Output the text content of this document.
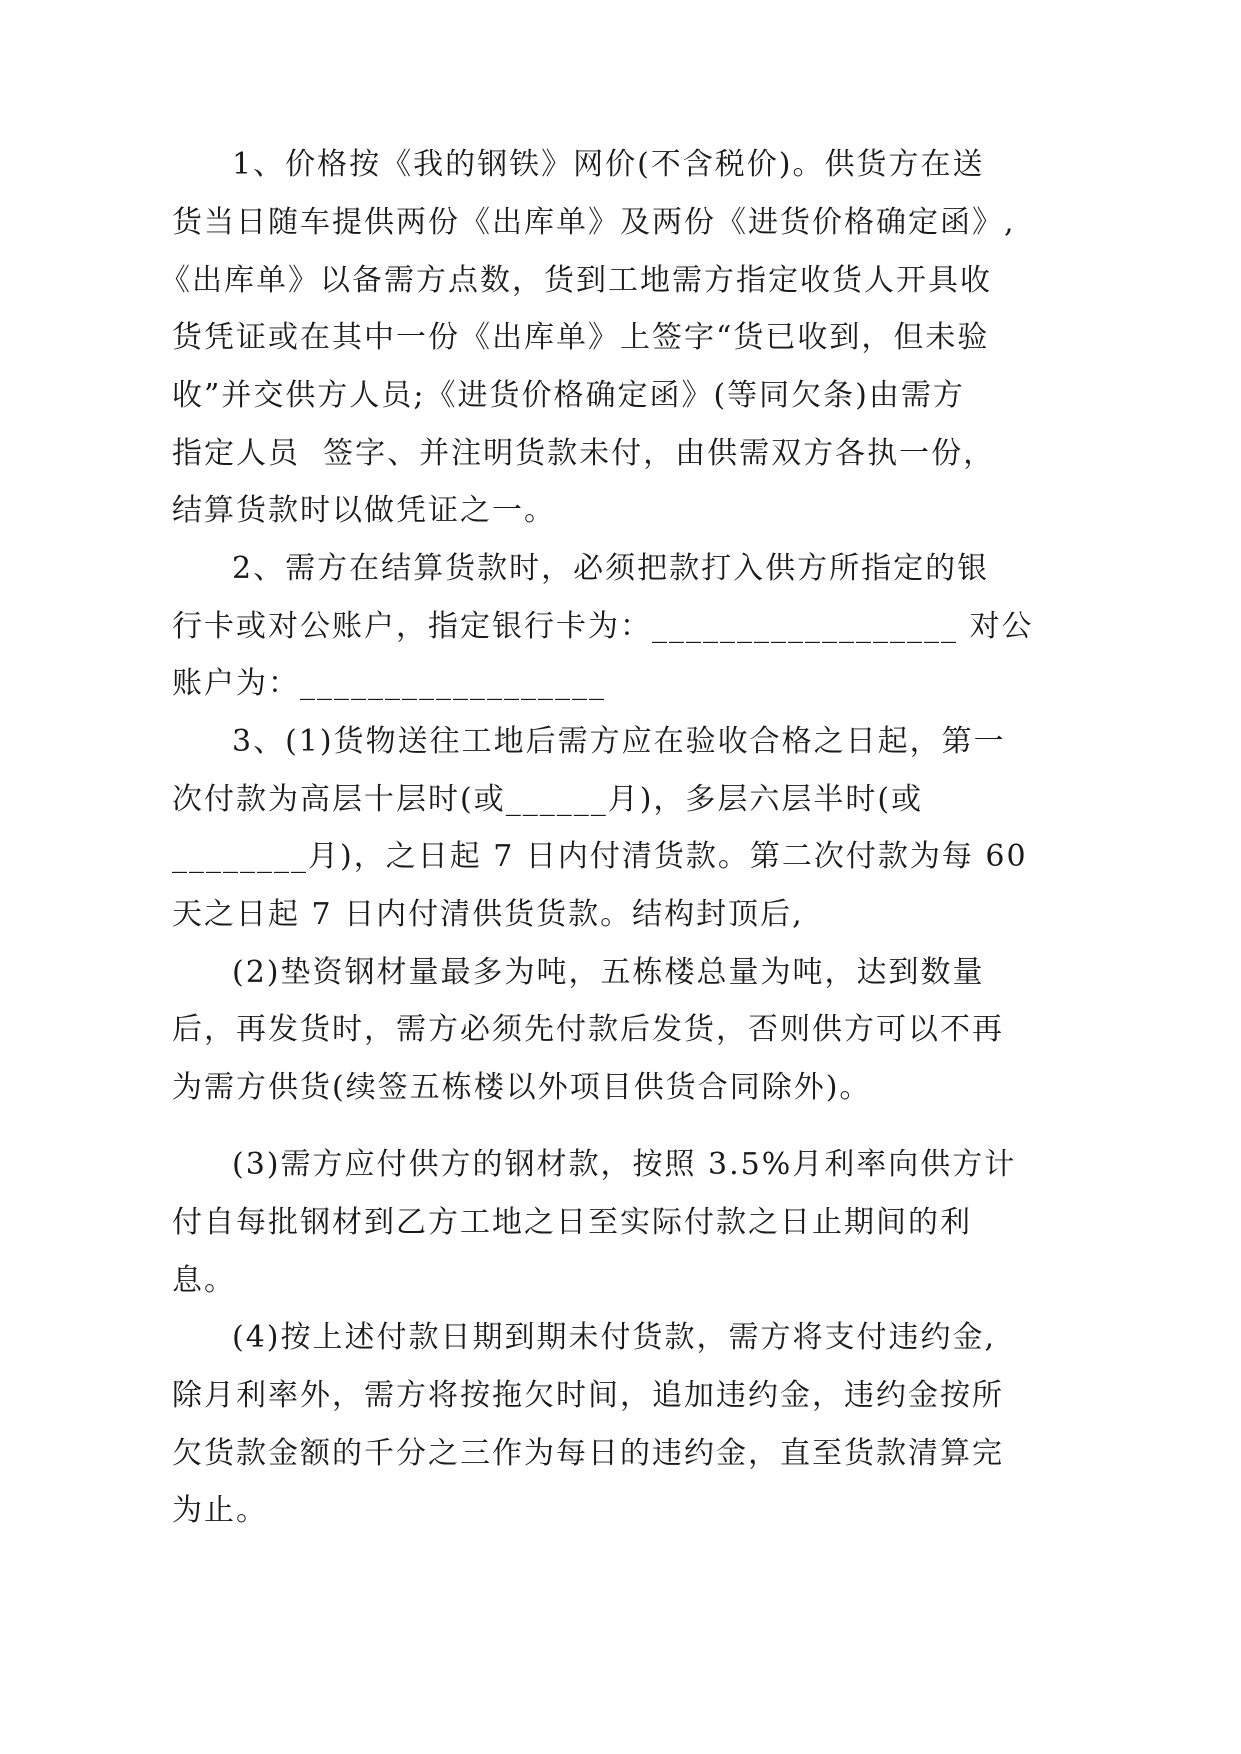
1、价格按《我的钢铁》网价(不含税价)。供货方在送
货当日随车提供两份《出库单》及两份《进货价格确定函》,
《出库单》以备需方点数，货到工地需方指定收货人开具收
货凭证或在其中一份《出库单》上签字“货已收到，但未验
收”并交供方人员;《进货价格确定函》(等同欠条)由需方
指定人员  签字、并注明货款未付，由供需双方各执一份，
结算货款时以做凭证之一。
2、需方在结算货款时，必须把款打入供方所指定的银
行卡或对公账户，指定银行卡为：__________________ 对公
账户为：__________________
3、(1)货物送往工地后需方应在验收合格之日起，第一
次付款为高层十层时(或______月)，多层六层半时(或
________月)，之日起 7 日内付清货款。第二次付款为每 60
天之日起 7 日内付清供货货款。结构封顶后,
(2)垫资钢材量最多为吨，五栋楼总量为吨，达到数量
后，再发货时，需方必须先付款后发货，否则供方可以不再
为需方供货(续签五栋楼以外项目供货合同除外)。
(3)需方应付供方的钢材款，按照 3.5%月利率向供方计
付自每批钢材到乙方工地之日至实际付款之日止期间的利
息。
(4)按上述付款日期到期未付货款，需方将支付违约金,
除月利率外，需方将按拖欠时间，追加违约金，违约金按所
欠货款金额的千分之三作为每日的违约金，直至货款清算完
为止。
